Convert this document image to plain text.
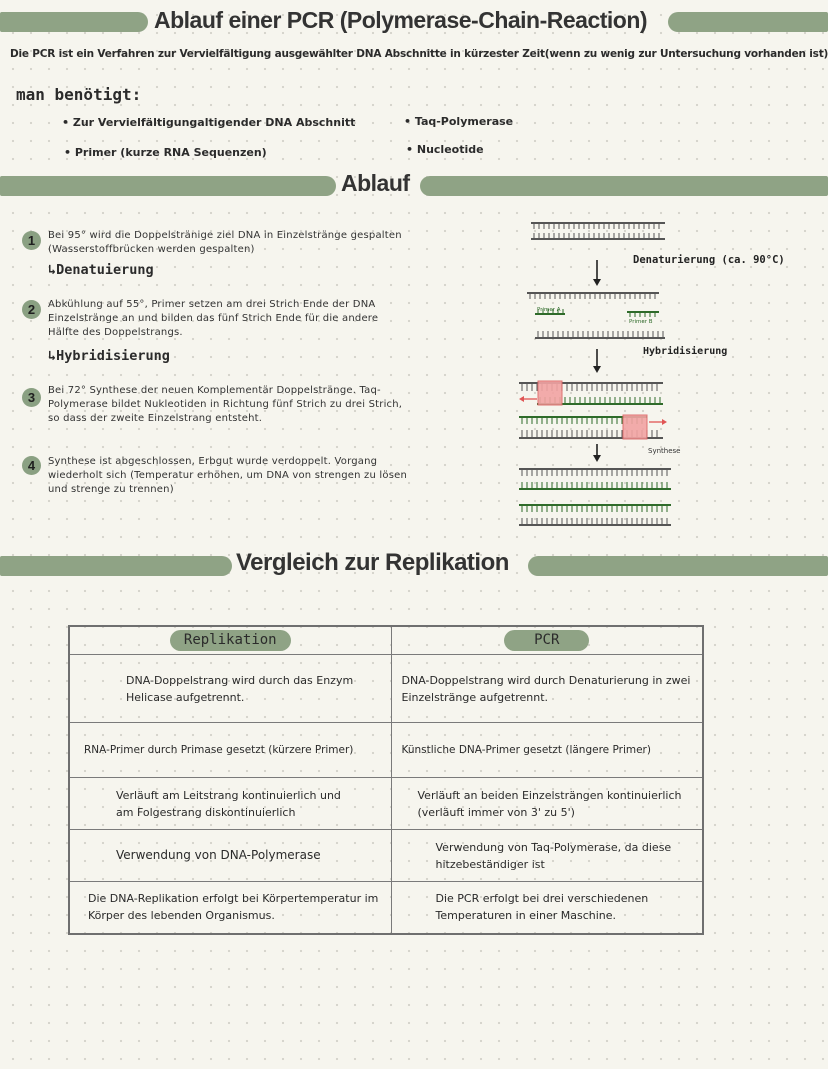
Ablauf einer PCR (Polymerase-Chain-Reaction)
Die PCR ist ein Verfahren zur Vervielfältigung ausgewählter DNA Abschnitte in kürzester Zeit(wenn zu wenig zur Untersuchung vorhanden ist)
man benötigt:
• Zur Vervielfältigungaltigender DNA Abschnitt	• Taq-Polymerase
• Primer (kurze RNA Sequenzen)	• Nucleotide
Ablauf
1	Bei 95° wird die Doppelstränige ziel DNA in Einzelstränge gespalten (Wasserstoffbrücken werden gespalten)
↳Denatuierung
2	Abkühlung auf 55°, Primer setzen am drei Strich Ende der DNA Einzelstränge an und bilden das fünf Strich Ende für die andere Hälfte des Doppelstrangs.
↳Hybridisierung
3	Bei 72° Synthese der neuen Komplementär Doppelstränge. Taq-Polymerase bildet Nukleotiden in Richtung fünf Strich zu drei Strich, so dass der zweite Einzelstrang entsteht.
4	Synthese ist abgeschlossen, Erbgut wurde verdoppelt. Vorgang wiederholt sich (Temperatur erhöhen, um DNA von strengen zu lösen und strenge zu trennen)
Denaturierung (ca. 90°C)
Primer A
Primer B
Hybridisierung
Synthese
Vergleich zur Replikation
Replikation	PCR
DNA-Doppelstrang wird durch das Enzym Helicase aufgetrennt.	DNA-Doppelstrang wird durch Denaturierung in zwei Einzelstränge aufgetrennt.
RNA-Primer durch Primase gesetzt (kürzere Primer)	Künstliche DNA-Primer gesetzt (längere Primer)
Verläuft am Leitstrang kontinuierlich und am Folgestrang diskontinuierlich	Verläuft an beiden Einzelsträngen kontinuierlich (verläuft immer von 3' zu 5')
Verwendung von DNA-Polymerase	Verwendung von Taq-Polymerase, da diese hitzebeständiger ist
Die DNA-Replikation erfolgt bei Körpertemperatur im Körper des lebenden Organismus.	Die PCR erfolgt bei drei verschiedenen Temperaturen in einer Maschine.
